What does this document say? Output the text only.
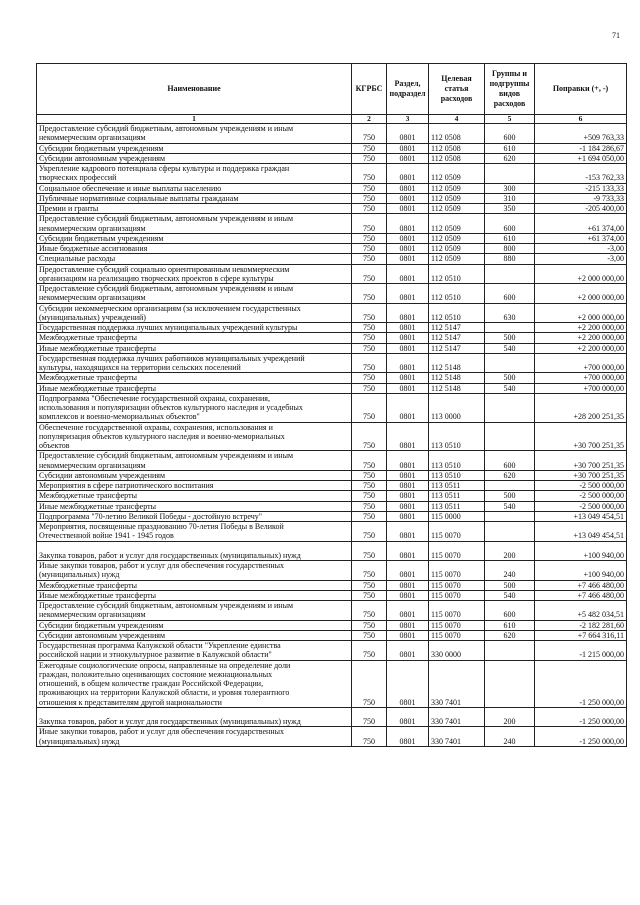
71
Наименование	КГРБС	Раздел, подраздел	Целевая статья расходов	Группы и подгруппы видов расходов	Поправки (+, -)
1	2	3	4	5	6
Предоставление субсидий бюджетным, автономным учреждениям и иным
некоммерческим организациям	750	0801	112 0508	600	+509 763,33
Субсидии бюджетным учреждениям	750	0801	112 0508	610	-1 184 286,67
Субсидии автономным учреждениям	750	0801	112 0508	620	+1 694 050,00
Укрепление кадрового потенциала сферы культуры и поддержка граждан
творческих профессий	750	0801	112 0509		-153 762,33
Социальное обеспечение и иные выплаты населению	750	0801	112 0509	300	-215 133,33
Публичные нормативные социальные выплаты гражданам	750	0801	112 0509	310	-9 733,33
Премии и гранты	750	0801	112 0509	350	-205 400,00
Предоставление субсидий бюджетным, автономным учреждениям и иным
некоммерческим организациям	750	0801	112 0509	600	+61 374,00
Субсидии бюджетным учреждениям	750	0801	112 0509	610	+61 374,00
Иные бюджетные ассигнования	750	0801	112 0509	800	-3,00
Специальные расходы	750	0801	112 0509	880	-3,00
Предоставление субсидий социально ориентированным некоммерческим
организациям на реализацию творческих проектов в сфере культуры	750	0801	112 0510		+2 000 000,00
Предоставление субсидий бюджетным, автономным учреждениям и иным
некоммерческим организациям	750	0801	112 0510	600	+2 000 000,00
Субсидии некоммерческим организациям (за исключением государственных
(муниципальных) учреждений)	750	0801	112 0510	630	+2 000 000,00
Государственная поддержка лучших муниципальных учреждений культуры	750	0801	112 5147		+2 200 000,00
Межбюджетные трансферты	750	0801	112 5147	500	+2 200 000,00
Иные межбюджетные трансферты	750	0801	112 5147	540	+2 200 000,00
Государственная поддержка лучших работников муниципальных учреждений
культуры, находящихся на территории сельских поселений	750	0801	112 5148		+700 000,00
Межбюджетные трансферты	750	0801	112 5148	500	+700 000,00
Иные межбюджетные трансферты	750	0801	112 5148	540	+700 000,00
Подпрограмма "Обеспечение государственной охраны, сохранения,
использования и популяризации объектов культурного наследия и усадебных
комплексов и военно-мемориальных объектов"	750	0801	113 0000		+28 200 251,35
Обеспечение государственной охраны, сохранения, использования и
популяризация объектов культурного наследия и военно-мемориальных
объектов	750	0801	113 0510		+30 700 251,35
Предоставление субсидий бюджетным, автономным учреждениям и иным
некоммерческим организациям	750	0801	113 0510	600	+30 700 251,35
Субсидии автономным учреждениям	750	0801	113 0510	620	+30 700 251,35
Мероприятия в сфере патриотического воспитания	750	0801	113 0511		-2 500 000,00
Межбюджетные трансферты	750	0801	113 0511	500	-2 500 000,00
Иные межбюджетные трансферты	750	0801	113 0511	540	-2 500 000,00
Подпрограмма "70-летию Великой Победы - достойную встречу"	750	0801	115 0000		+13 049 454,51
Мероприятия, посвященные празднованию 70-летия Победы в Великой
Отечественной войне 1941 - 1945 годов	750	0801	115 0070		+13 049 454,51

Закупка товаров, работ и услуг для государственных (муниципальных) нужд	750	0801	115 0070	200	+100 940,00
Иные закупки товаров, работ и услуг для обеспечения государственных
(муниципальных) нужд	750	0801	115 0070	240	+100 940,00
Межбюджетные трансферты	750	0801	115 0070	500	+7 466 480,00
Иные межбюджетные трансферты	750	0801	115 0070	540	+7 466 480,00
Предоставление субсидий бюджетным, автономным учреждениям и иным
некоммерческим организациям	750	0801	115 0070	600	+5 482 034,51
Субсидии бюджетным учреждениям	750	0801	115 0070	610	-2 182 281,60
Субсидии автономным учреждениям	750	0801	115 0070	620	+7 664 316,11
Государственная программа Калужской области "Укрепление единства
российской нации и этнокультурное развитие в Калужской области"	750	0801	330 0000		-1 215 000,00
Ежегодные социологические опросы, направленные на определение доли
граждан, положительно оценивающих состояние межнациональных
отношений, в общем количестве граждан Российской Федерации,
проживающих на территории Калужской области, и уровня толерантного
отношения к представителям другой национальности	750	0801	330 7401		-1 250 000,00

Закупка товаров, работ и услуг для государственных (муниципальных) нужд	750	0801	330 7401	200	-1 250 000,00
Иные закупки товаров, работ и услуг для обеспечения государственных
(муниципальных) нужд	750	0801	330 7401	240	-1 250 000,00
